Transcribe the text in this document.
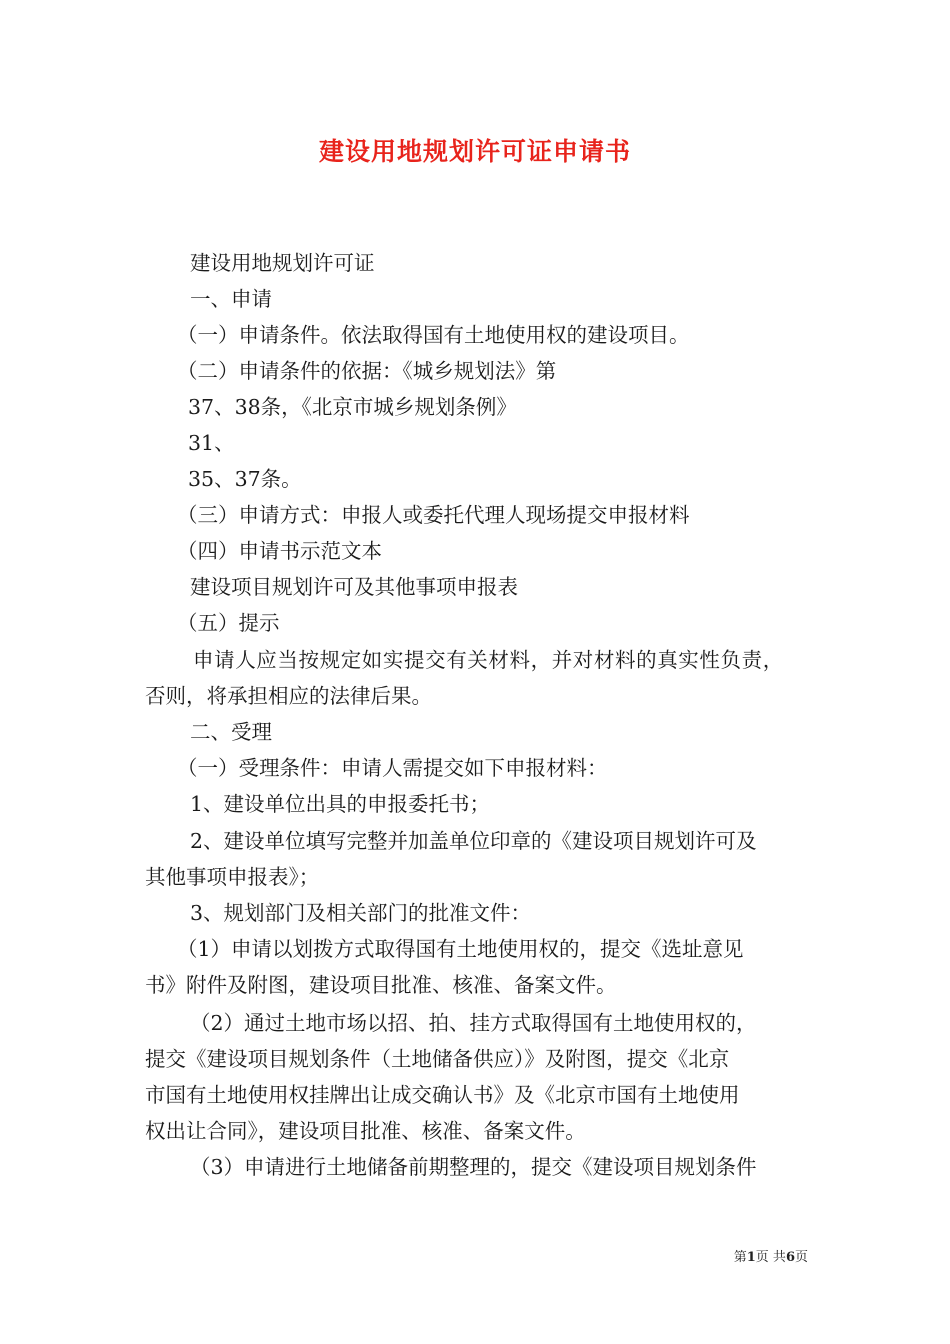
建设用地规划许可证申请书
建设用地规划许可证
一、申请
（一）申请条件。依法取得国有土地使用权的建设项目。
（二）申请条件的依据：《城乡规划法》第
37、38条，《北京市城乡规划条例》
31、
35、37条。
（三）申请方式：申报人或委托代理人现场提交申报材料
（四）申请书示范文本
建设项目规划许可及其他事项申报表
（五）提示
申请人应当按规定如实提交有关材料，并对材料的真实性负责，
否则，将承担相应的法律后果。
二、受理
（一）受理条件：申请人需提交如下申报材料：
1、建设单位出具的申报委托书；
2、建设单位填写完整并加盖单位印章的《建设项目规划许可及
其他事项申报表》；
3、规划部门及相关部门的批准文件：
（1）申请以划拨方式取得国有土地使用权的，提交《选址意见
书》附件及附图，建设项目批准、核准、备案文件。
（2）通过土地市场以招、拍、挂方式取得国有土地使用权的，
提交《建设项目规划条件（土地储备供应）》及附图，提交《北京
市国有土地使用权挂牌出让成交确认书》及《北京市国有土地使用
权出让合同》，建设项目批准、核准、备案文件。
（3）申请进行土地储备前期整理的，提交《建设项目规划条件
第1页 共6页
